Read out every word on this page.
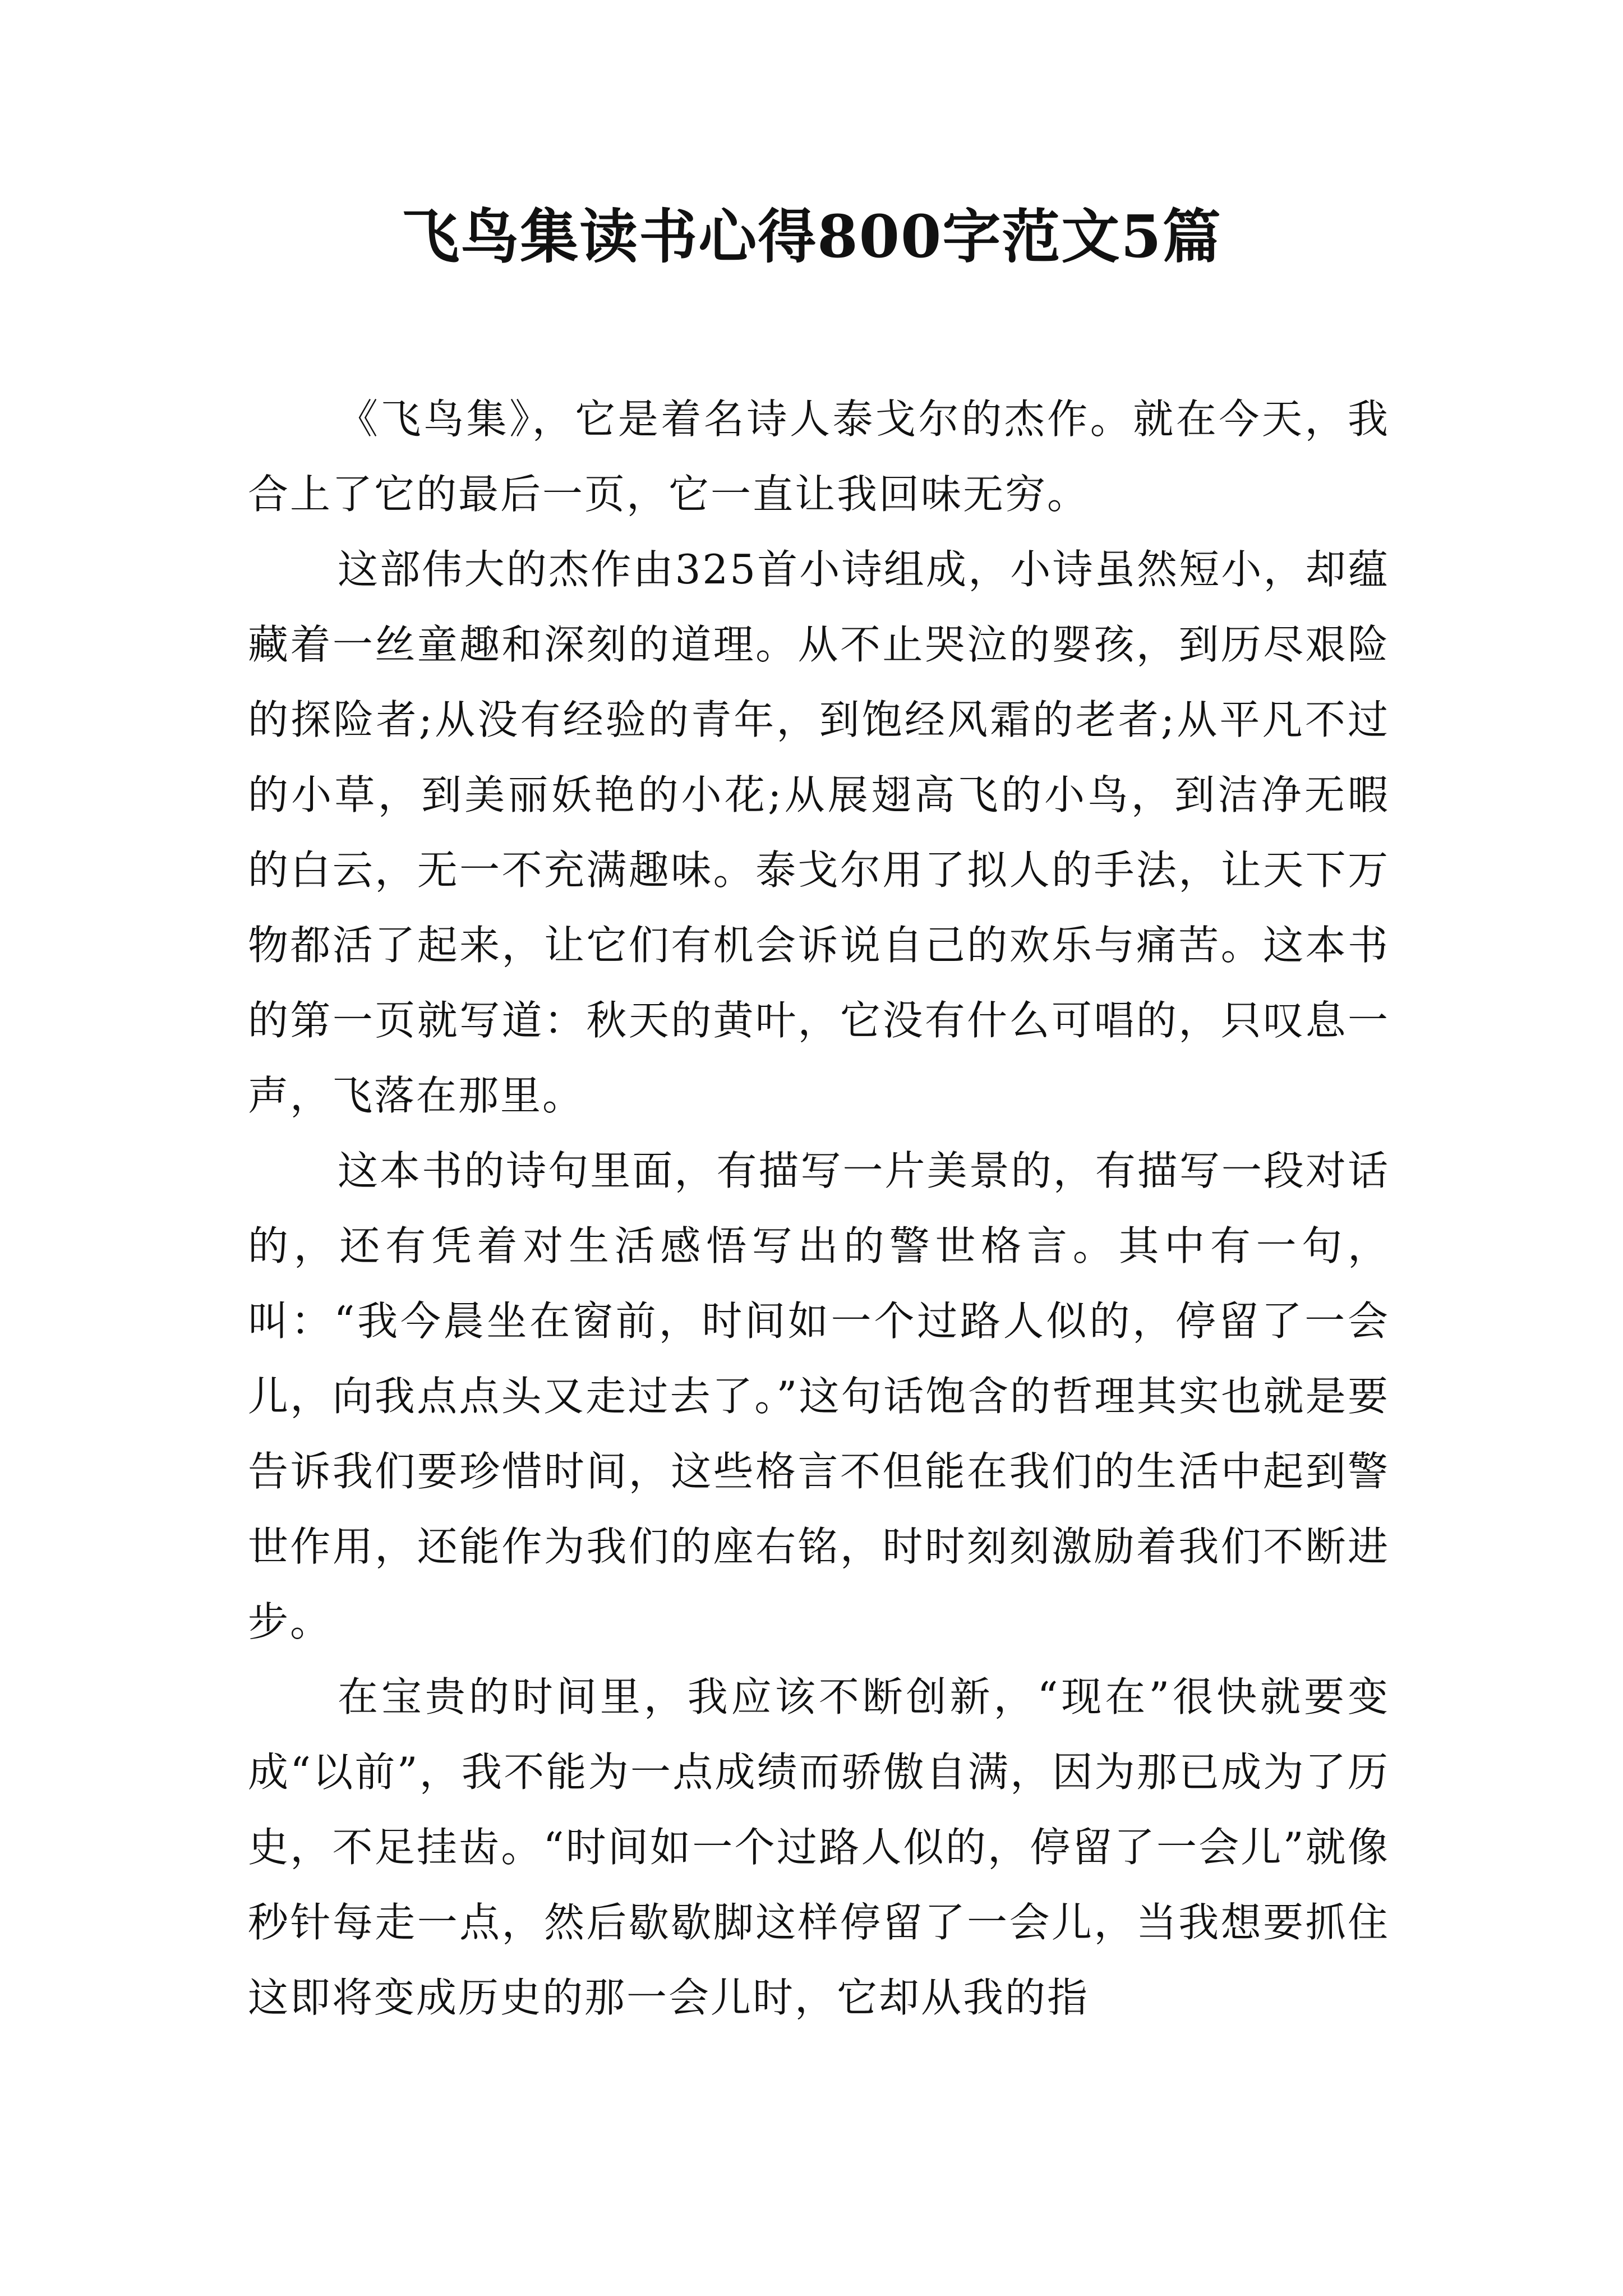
飞鸟集读书心得800字范文5篇

《飞鸟集》，它是着名诗人泰戈尔的杰作。就在今天，我合上了它的最后一页，它一直让我回味无穷。

这部伟大的杰作由325首小诗组成，小诗虽然短小，却蕴藏着一丝童趣和深刻的道理。从不止哭泣的婴孩，到历尽艰险的探险者;从没有经验的青年，到饱经风霜的老者;从平凡不过的小草，到美丽妖艳的小花;从展翅高飞的小鸟，到洁净无暇的白云，无一不充满趣味。泰戈尔用了拟人的手法，让天下万物都活了起来，让它们有机会诉说自己的欢乐与痛苦。这本书的第一页就写道：秋天的黄叶，它没有什么可唱的，只叹息一声，飞落在那里。

这本书的诗句里面，有描写一片美景的，有描写一段对话的，还有凭着对生活感悟写出的警世格言。其中有一句，叫：“我今晨坐在窗前，时间如一个过路人似的，停留了一会儿，向我点点头又走过去了。”这句话饱含的哲理其实也就是要告诉我们要珍惜时间，这些格言不但能在我们的生活中起到警世作用，还能作为我们的座右铭，时时刻刻激励着我们不断进步。

在宝贵的时间里，我应该不断创新，“现在”很快就要变成“以前”，我不能为一点成绩而骄傲自满，因为那已成为了历史，不足挂齿。“时间如一个过路人似的，停留了一会儿”就像秒针每走一点，然后歇歇脚这样停留了一会儿，当我想要抓住这即将变成历史的那一会儿时，它却从我的指
